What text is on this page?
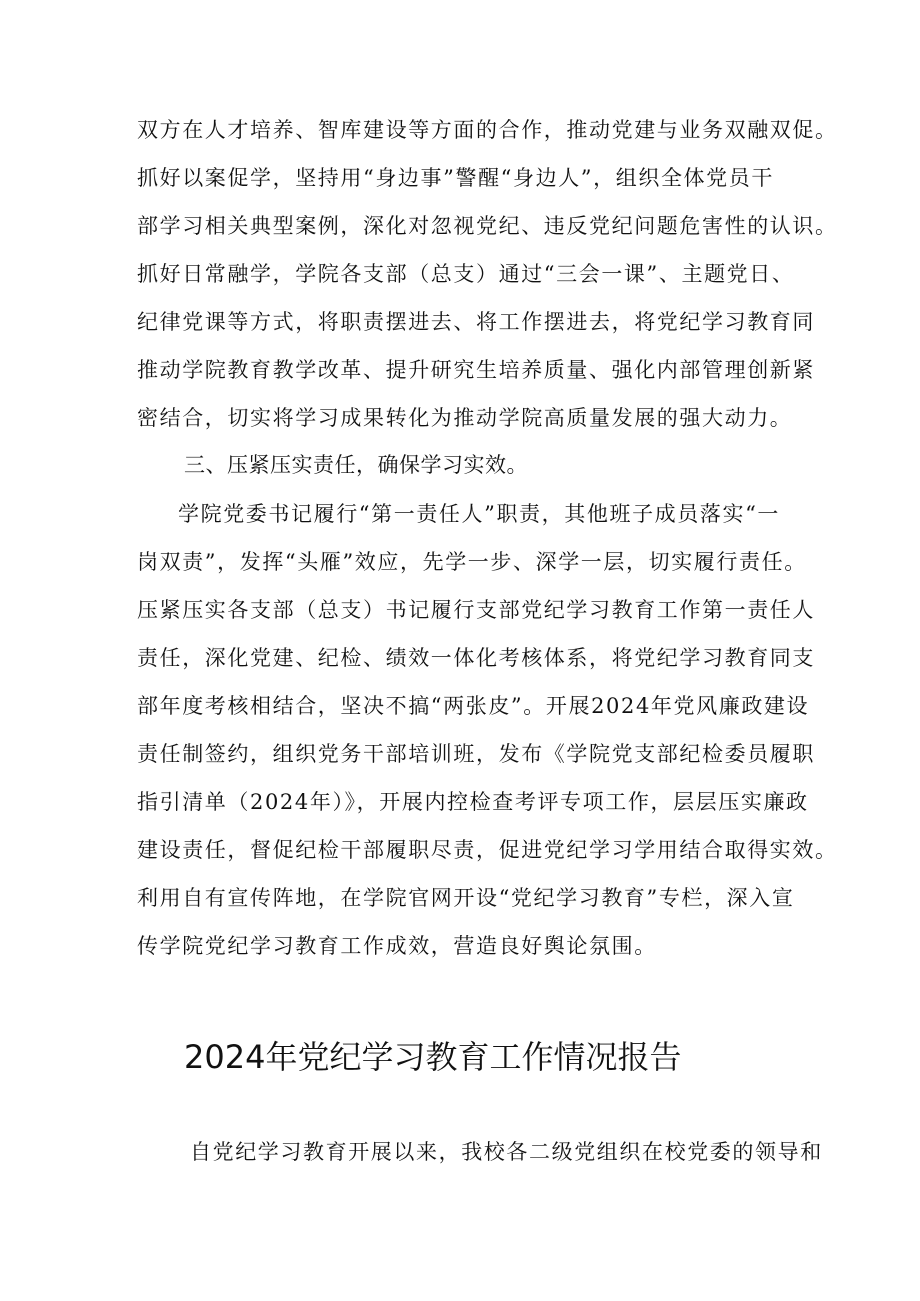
双方在人才培养、智库建设等方面的合作，推动党建与业务双融双促。
抓好以案促学，坚持用“身边事”警醒“身边人”，组织全体党员干
部学习相关典型案例，深化对忽视党纪、违反党纪问题危害性的认识。
抓好日常融学，学院各支部（总支）通过“三会一课”、主题党日、
纪律党课等方式，将职责摆进去、将工作摆进去，将党纪学习教育同
推动学院教育教学改革、提升研究生培养质量、强化内部管理创新紧
密结合，切实将学习成果转化为推动学院高质量发展的强大动力。
三、压紧压实责任，确保学习实效。
学院党委书记履行“第一责任人”职责，其他班子成员落实“一
岗双责”，发挥“头雁”效应，先学一步、深学一层，切实履行责任。
压紧压实各支部（总支）书记履行支部党纪学习教育工作第一责任人
责任，深化党建、纪检、绩效一体化考核体系，将党纪学习教育同支
部年度考核相结合，坚决不搞“两张皮”。开展2024年党风廉政建设
责任制签约，组织党务干部培训班，发布《学院党支部纪检委员履职
指引清单（2024年）》，开展内控检查考评专项工作，层层压实廉政
建设责任，督促纪检干部履职尽责，促进党纪学习学用结合取得实效。
利用自有宣传阵地，在学院官网开设“党纪学习教育”专栏，深入宣
传学院党纪学习教育工作成效，营造良好舆论氛围。
2024年党纪学习教育工作情况报告
自党纪学习教育开展以来，我校各二级党组织在校党委的领导和
